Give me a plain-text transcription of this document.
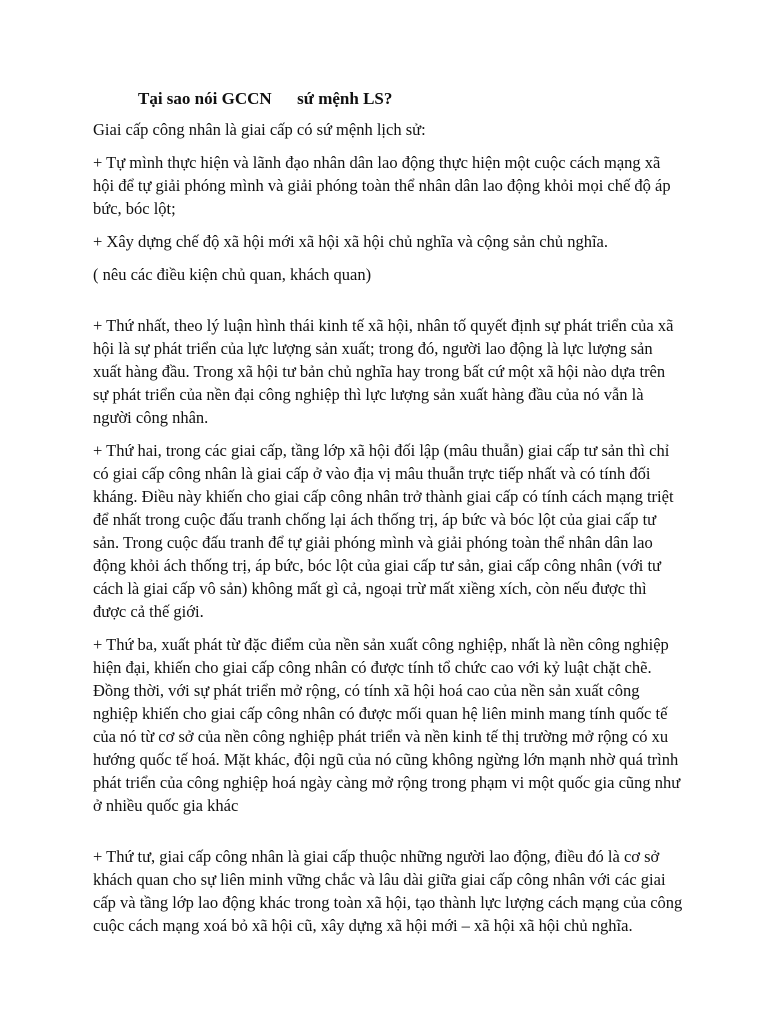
Tại sao nói GCCN      sứ mệnh LS?

Giai cấp công nhân là giai cấp có sứ mệnh lịch sử:

+ Tự mình thực hiện và lãnh đạo nhân dân lao động thực hiện một cuộc cách mạng xã hội để tự giải phóng mình và giải phóng toàn thể nhân dân lao động khỏi mọi chế độ áp bức, bóc lột;

+ Xây dựng chế độ xã hội mới xã hội xã hội chủ nghĩa và cộng sản chủ nghĩa.

( nêu các điều kiện chủ quan, khách quan)

+ Thứ nhất, theo lý luận hình thái kinh tế xã hội, nhân tố quyết định sự phát triển của xã hội là sự phát triển của lực lượng sản xuất; trong đó, người lao động là lực lượng sản xuất hàng đầu. Trong xã hội tư bản chủ nghĩa hay trong bất cứ một xã hội nào dựa trên sự phát triển của nền đại công nghiệp thì lực lượng sản xuất hàng đầu của nó vẫn là người công nhân.

+ Thứ hai, trong các giai cấp, tầng lớp xã hội đối lập (mâu thuẫn) giai cấp tư sản thì chỉ có giai cấp công nhân là giai cấp ở vào địa vị mâu thuẫn trực tiếp nhất và có tính đối kháng. Điều này khiến cho giai cấp công nhân trở thành giai cấp có tính cách mạng triệt để nhất trong cuộc đấu tranh chống lại ách thống trị, áp bức và bóc lột của giai cấp tư sản. Trong cuộc đấu tranh để tự giải phóng mình và giải phóng toàn thể nhân dân lao động khỏi ách thống trị, áp bức, bóc lột của giai cấp tư sản, giai cấp công nhân (với tư cách là giai cấp vô sản) không mất gì cả, ngoại trừ mất xiềng xích, còn nếu được thì được cả thế giới.

+ Thứ ba, xuất phát từ đặc điểm của nền sản xuất công nghiệp, nhất là nền công nghiệp hiện đại, khiến cho giai cấp công nhân có được tính tổ chức cao với kỷ luật chặt chẽ. Đồng thời, với sự phát triển mở rộng, có tính xã hội hoá cao của nền sản xuất công nghiệp khiến cho giai cấp công nhân có được mối quan hệ liên minh mang tính quốc tế của nó từ cơ sở của nền công nghiệp phát triển và nền kinh tế thị trường mở rộng có xu hướng quốc tế hoá. Mặt khác, đội ngũ của nó cũng không ngừng lớn mạnh nhờ quá trình phát triển của công nghiệp hoá ngày càng mở rộng trong phạm vi một quốc gia cũng như ở nhiều quốc gia khác

+ Thứ tư, giai cấp công nhân là giai cấp thuộc những người lao động, điều đó là cơ sở khách quan cho sự liên minh vững chắc và lâu dài giữa giai cấp công nhân với các giai cấp và tầng lớp lao động khác trong toàn xã hội, tạo thành lực lượng cách mạng của công cuộc cách mạng xoá bỏ xã hội cũ, xây dựng xã hội mới – xã hội xã hội chủ nghĩa.
